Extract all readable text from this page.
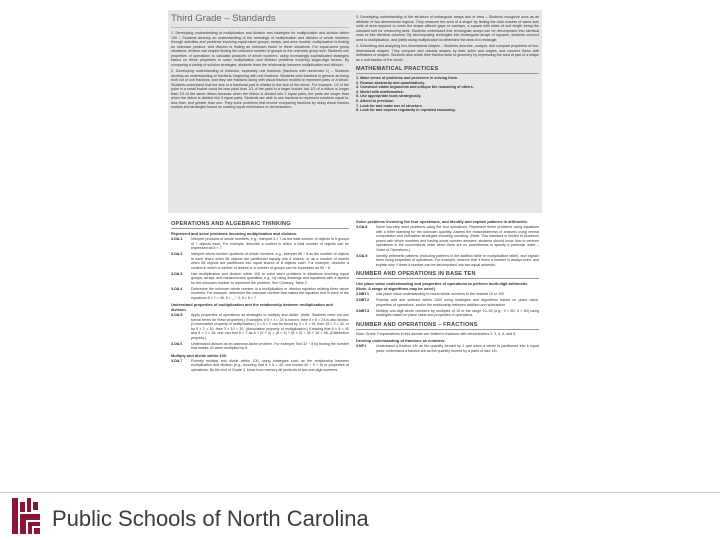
Third Grade – Standards
1. Developing understanding of multiplication and division and strategies for multiplication and division within 100 – Students develop an understanding of the meanings of multiplication and division of whole numbers through activities and problems involving equal-sized groups, arrays, and area models; multiplication is finding an unknown product, and division is finding an unknown factor in these situations. For equal-sized group situations, division can require finding the unknown number of groups or the unknown group size. Students use properties of operations to calculate products of whole numbers, using increasingly sophisticated strategies based on these properties to solve multiplication and division problems involving single-digit factors. By comparing a variety of solution strategies, students learn the relationship between multiplication and division.
2. Developing understanding of fractions, especially unit fractions (fractions with numerator 1) – Students develop an understanding of fractions, beginning with unit fractions. Students view fractions in general as being built out of unit fractions, and they use fractions along with visual fraction models to represent parts of a whole. Students understand that the size of a fractional part is relative to the size of the whole. For example, 1/2 of the paint in a small bucket could be less paint than 1/3 of the paint in a larger bucket, but 1/3 of a ribbon is longer than 1/5 of the same ribbon because when the ribbon is divided into 3 equal parts, the parts are longer than when the ribbon is divided into 5 equal parts. Students are able to use fractions to represent numbers equal to, less than, and greater than one. They solve problems that involve comparing fractions by using visual fraction models and strategies based on noticing equal numerators or denominators.
3. Developing understanding of the structure of rectangular arrays and of area – Students recognize area as an attribute of two-dimensional regions. They measure the area of a shape by finding the total number of same-size units of area required to cover the shape without gaps or overlaps, a square with sides of unit length being the standard unit for measuring area. Students understand that rectangular arrays can be decomposed into identical rows or into identical columns. By decomposing rectangles into rectangular arrays of squares, students connect area to multiplication, and justify using multiplication to determine the area of a rectangle.
4. Describing and analyzing two-dimensional shapes – Students describe, analyze, and compare properties of two-dimensional shapes. They compare and classify shapes by their sides and angles, and connect these with definitions of shapes. Students also relate their fraction work to geometry by expressing the area of part of a shape as a unit fraction of the whole.
MATHEMATICAL PRACTICES
1. Make sense of problems and persevere in solving them.
2. Reason abstractly and quantitatively.
3. Construct viable arguments and critique the reasoning of others.
4. Model with mathematics.
5. Use appropriate tools strategically.
6. Attend to precision.
7. Look for and make use of structure.
8. Look for and express regularity in repeated reasoning.
OPERATIONS AND ALGEBRAIC THINKING
Represent and solve problems involving multiplication and division.
3.OA.1	Interpret products of whole numbers, e.g., interpret 5 × 7 as the total number of objects in 5 groups of 7 objects each. For example, describe a context in which a total number of objects can be expressed as 5 × 7.
3.OA.2	Interpret whole-number quotients of whole numbers, e.g., interpret 56 ÷ 8 as the number of objects in each share when 56 objects are partitioned equally into 8 shares, or as a number of shares when 56 objects are partitioned into equal shares of 8 objects each. For example, describe a context in which a number of shares or a number of groups can be expressed as 56 ÷ 8.
3.OA.3	Use multiplication and division within 100 to solve word problems in situations involving equal groups, arrays, and measurement quantities, e.g., by using drawings and equations with a symbol for the unknown number to represent the problem. See Glossary, Table 2.
3.OA.4	Determine the unknown whole number in a multiplication or division equation relating three whole numbers. For example, determine the unknown number that makes the equation true in each of the equations 8 × ? = 48, 5 = _ ÷ 3, 6 × 6 = ?
Understand properties of multiplication and the relationship between multiplication and division.
3.OA.5	Apply properties of operations as strategies to multiply and divide. (Note: Students need not use formal terms for these properties.) Examples: If 6 × 4 = 24 is known, then 4 × 6 = 24 is also known. (Commutative property of multiplication.) 3 × 5 × 2 can be found by 3 × 5 = 15, then 15 × 2 = 30, or by 5 × 2 = 10, then 3 × 10 = 30. (Associative property of multiplication.) Knowing that 8 × 5 = 40 and 8 × 2 = 16, one can find 8 × 7 as 8 × (5 + 2) = (8 × 5) + (8 × 2) = 40 + 16 = 56. (Distributive property.)
3.OA.6	Understand division as an unknown-factor problem. For example, find 32 ÷ 8 by finding the number that makes 32 when multiplied by 8.
Multiply and divide within 100.
3.OA.7	Fluently multiply and divide within 100, using strategies such as the relationship between multiplication and division (e.g., knowing that 8 × 5 = 40, one knows 40 ÷ 5 = 8) or properties of operations. By the end of Grade 3, know from memory all products of two one-digit numbers.
Solve problems involving the four operations, and identify and explain patterns in arithmetic.
3.OA.8	Solve two-step word problems using the four operations. Represent these problems using equations with a letter standing for the unknown quantity. Assess the reasonableness of answers using mental computation and estimation strategies including rounding. (Note: This standard is limited to problems posed with whole numbers and having whole-number answers; students should know how to perform operations in the conventional order when there are no parentheses to specify a particular order – Order of Operations.)
3.OA.9	Identify arithmetic patterns (including patterns in the addition table or multiplication table), and explain them using properties of operations. For example, observe that 4 times a number is always even, and explain why 4 times a number can be decomposed into two equal addends.
NUMBER AND OPERATIONS IN BASE TEN
Use place value understanding and properties of operations to perform multi-digit arithmetic. (Note: A range of algorithms may be used.)
3.NBT.1	Use place value understanding to round whole numbers to the nearest 10 or 100.
3.NBT.2	Fluently add and subtract within 1000 using strategies and algorithms based on place value, properties of operations, and/or the relationship between addition and subtraction.
3.NBT.3	Multiply one-digit whole numbers by multiples of 10 in the range 10–90 (e.g., 9 × 80, 5 × 60) using strategies based on place value and properties of operations.
NUMBER AND OPERATIONS – FRACTIONS
Note: Grade 3 expectations in this domain are limited to fractions with denominators 2, 3, 4, 6, and 8.
Develop understanding of fractions as numbers.
3.NF.1	Understand a fraction 1/b as the quantity formed by 1 part when a whole is partitioned into b equal parts; understand a fraction a/b as the quantity formed by a parts of size 1/b.
Public Schools of North Carolina
